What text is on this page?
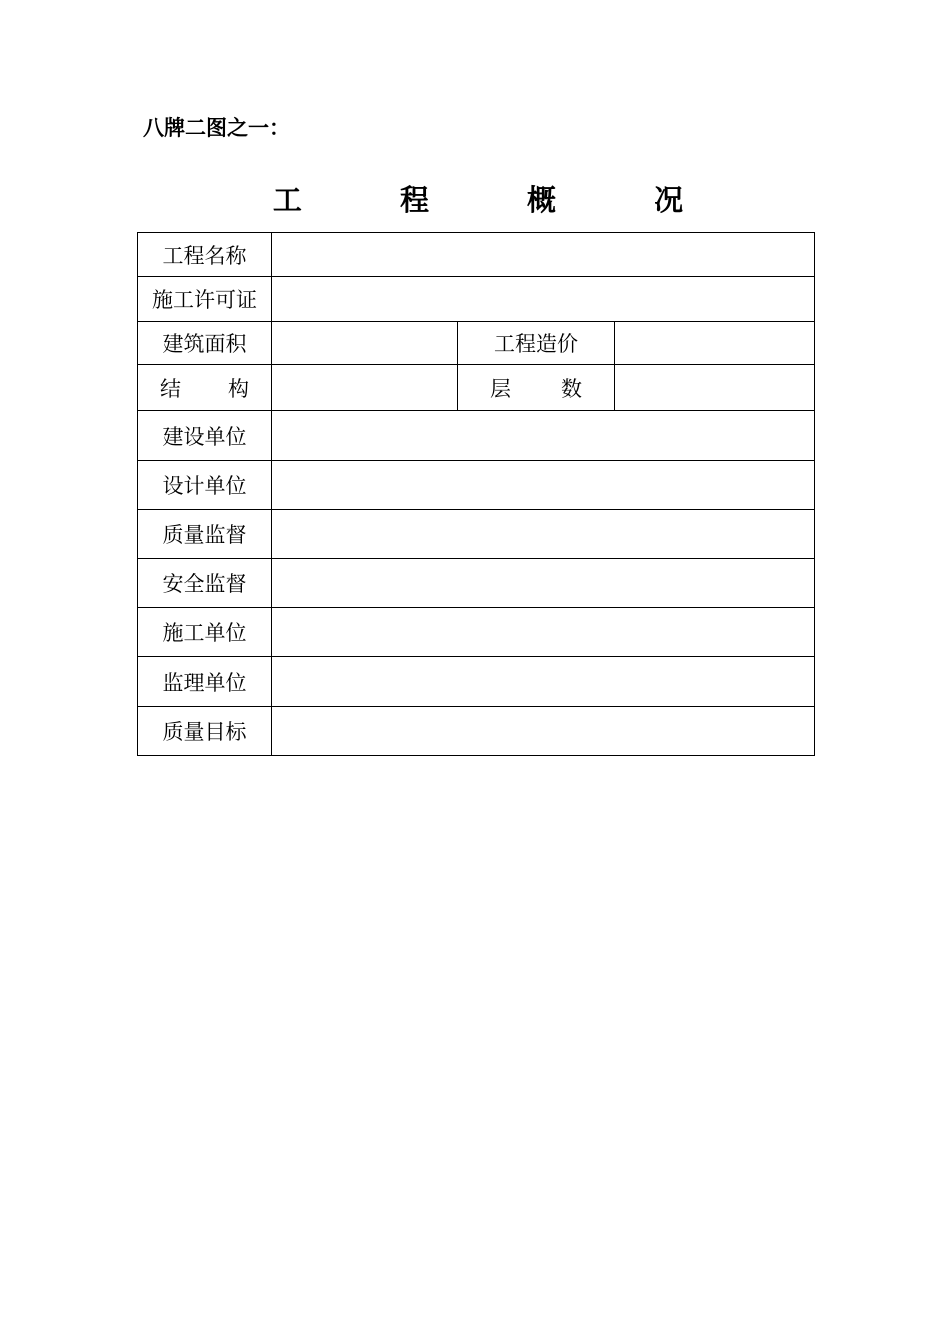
八牌二图之一：
工 程 概 况
工程名称			
施工许可证			
建筑面积		工程造价	

结 构		层 数	

建设单位			
设计单位			
质量监督			
安全监督			
施工单位			
监理单位			
质量目标			
